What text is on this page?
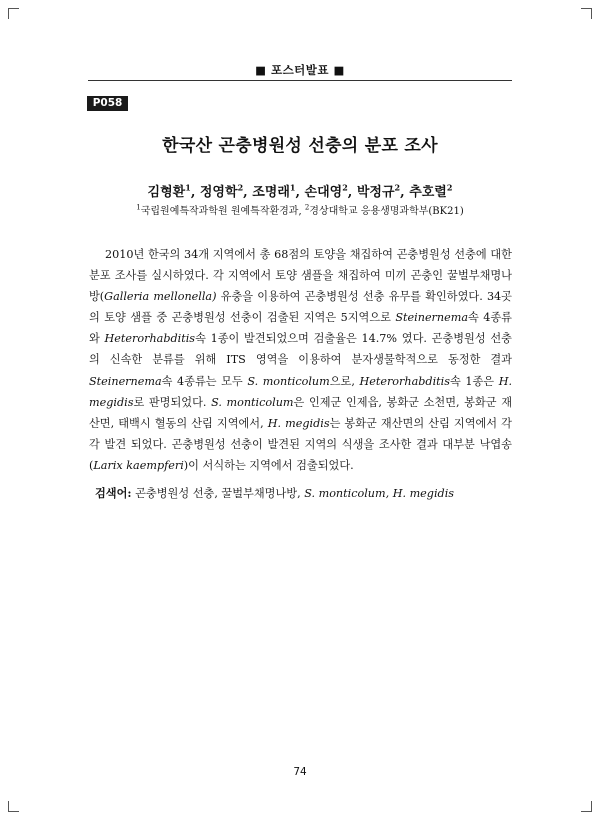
■ 포스터발표 ■
P058
한국산 곤충병원성 선충의 분포 조사
김형환$^1$, 정영학$^2$, 조명래$^1$, 손대영$^2$, 박정규$^2$, 추호렬$^2$
$^1$국립원예특작과학원 원예특작환경과, $^2$경상대학교 응용생명과학부(BK21)

2010년 한국의 34개 지역에서 총 68점의 토양을 채집하여 곤충병원성 선충에 대한 분포 조사를 실시하였다. 각 지역에서 토양 샘플을 채집하여 미끼 곤충인 꿀벌부채명나방(Galleria mellonella) 유충을 이용하여 곤충병원성 선충 유무를 확인하였다. 34곳의 토양 샘플 중 곤충병원성 선충이 검출된 지역은 5지역으로 Steinernema속 4종류와 Heterorhabditis속 1종이 발견되었으며 검출율은 14.7% 였다. 곤충병원성 선충의 신속한 분류를 위해 ITS 영역을 이용하여 분자생물학적으로 동정한 결과 Steinernema속 4종류는 모두 S. monticolum으로, Heterorhabditis속 1종은 H. megidis로 판명되었다. S. monticolum은 인제군 인제읍, 봉화군 소천면, 봉화군 재산면, 태백시 혈동의 산림 지역에서, H. megidis는 봉화군 재산면의 산림 지역에서 각각 발견 되었다. 곤충병원성 선충이 발견된 지역의 식생을 조사한 결과 대부분 낙엽송(Larix kaempferi)이 서식하는 지역에서 검출되었다.

검색어: 곤충병원성 선충, 꿀벌부채명나방, S. monticolum, H. megidis
74
